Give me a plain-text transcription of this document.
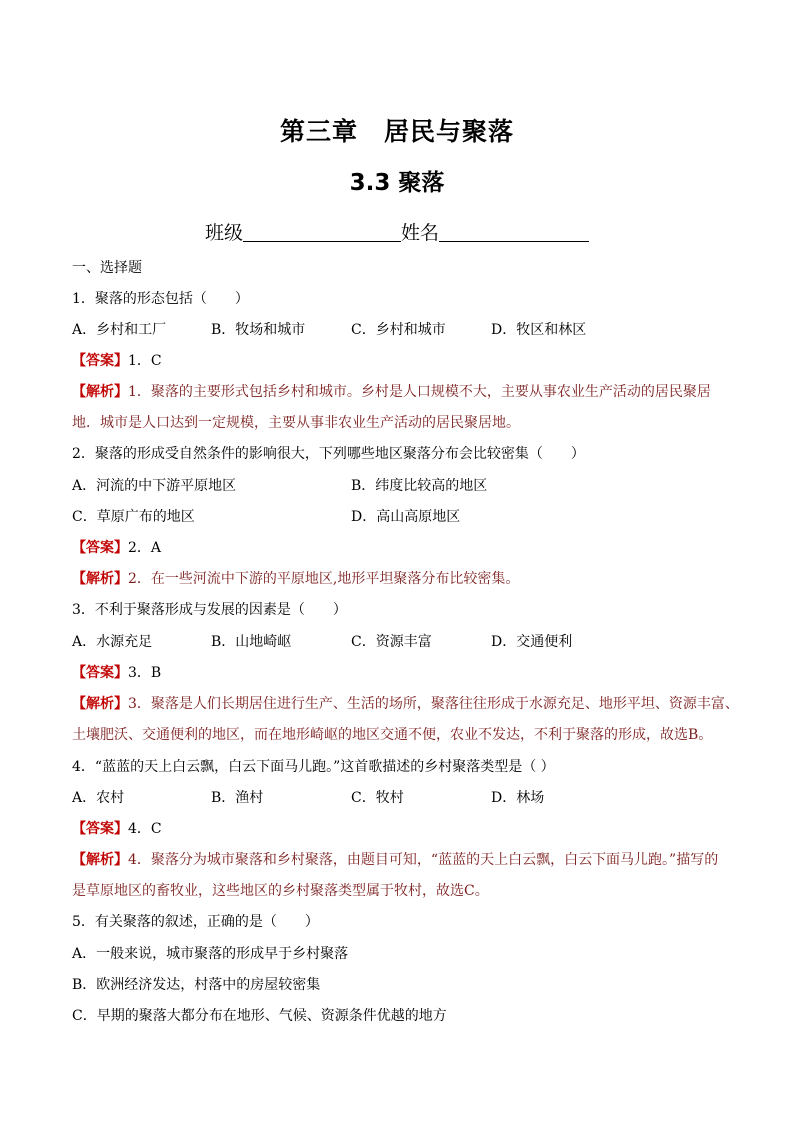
第三章　居民与聚落
3.3 聚落
班级	姓名
一、选择题
1．聚落的形态包括（　　）
A．乡村和工厂	B．牧场和城市	C．乡村和城市	D．牧区和林区
【答案】1．C
【解析】1．聚落的主要形式包括乡村和城市。乡村是人口规模不大，主要从事农业生产活动的居民聚居
地．城市是人口达到一定规模，主要从事非农业生产活动的居民聚居地。
2．聚落的形成受自然条件的影响很大，下列哪些地区聚落分布会比较密集（　　）
A．河流的中下游平原地区	B．纬度比较高的地区
C．草原广布的地区	D．高山高原地区
【答案】2．A
【解析】2．在一些河流中下游的平原地区,地形平坦聚落分布比较密集。
3．不利于聚落形成与发展的因素是（　　）
A．水源充足	B．山地崎岖	C．资源丰富	D．交通便利
【答案】3．B
【解析】3．聚落是人们长期居住进行生产、生活的场所，聚落往往形成于水源充足、地形平坦、资源丰富、
土壤肥沃、交通便利的地区，而在地形崎岖的地区交通不便，农业不发达，不利于聚落的形成，故选B。
4．“蓝蓝的天上白云飘，白云下面马儿跑。”这首歌描述的乡村聚落类型是（ ）
A．农村	B．渔村	C．牧村	D．林场
【答案】4．C
【解析】4．聚落分为城市聚落和乡村聚落，由题目可知，“蓝蓝的天上白云飘，白云下面马儿跑。”描写的
是草原地区的畜牧业，这些地区的乡村聚落类型属于牧村，故选C。
5．有关聚落的叙述，正确的是（　　）
A．一般来说，城市聚落的形成早于乡村聚落
B．欧洲经济发达，村落中的房屋较密集
C．早期的聚落大都分布在地形、气候、资源条件优越的地方
